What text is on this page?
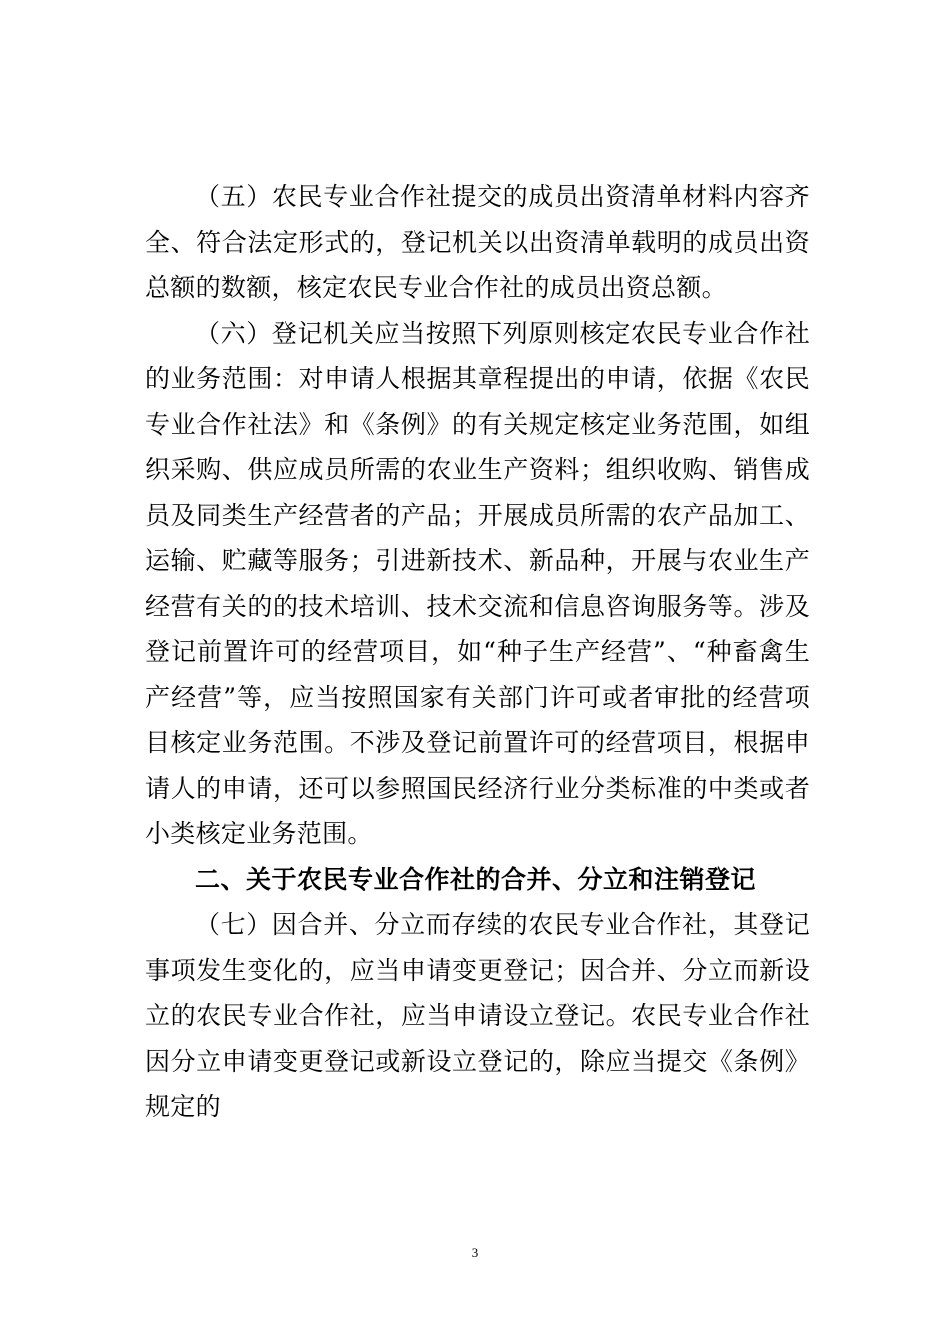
（五）农民专业合作社提交的成员出资清单材料内容齐全、符合法定形式的，登记机关以出资清单载明的成员出资总额的数额，核定农民专业合作社的成员出资总额。

（六）登记机关应当按照下列原则核定农民专业合作社的业务范围：对申请人根据其章程提出的申请，依据《农民专业合作社法》和《条例》的有关规定核定业务范围，如组织采购、供应成员所需的农业生产资料；组织收购、销售成员及同类生产经营者的产品；开展成员所需的农产品加工、运输、贮藏等服务；引进新技术、新品种，开展与农业生产经营有关的的技术培训、技术交流和信息咨询服务等。涉及登记前置许可的经营项目，如“种子生产经营”、“种畜禽生产经营”等，应当按照国家有关部门许可或者审批的经营项目核定业务范围。不涉及登记前置许可的经营项目，根据申请人的申请，还可以参照国民经济行业分类标准的中类或者小类核定业务范围。

二、关于农民专业合作社的合并、分立和注销登记

（七）因合并、分立而存续的农民专业合作社，其登记事项发生变化的，应当申请变更登记；因合并、分立而新设立的农民专业合作社，应当申请设立登记。农民专业合作社因分立申请变更登记或新设立登记的，除应当提交《条例》规定的

3
